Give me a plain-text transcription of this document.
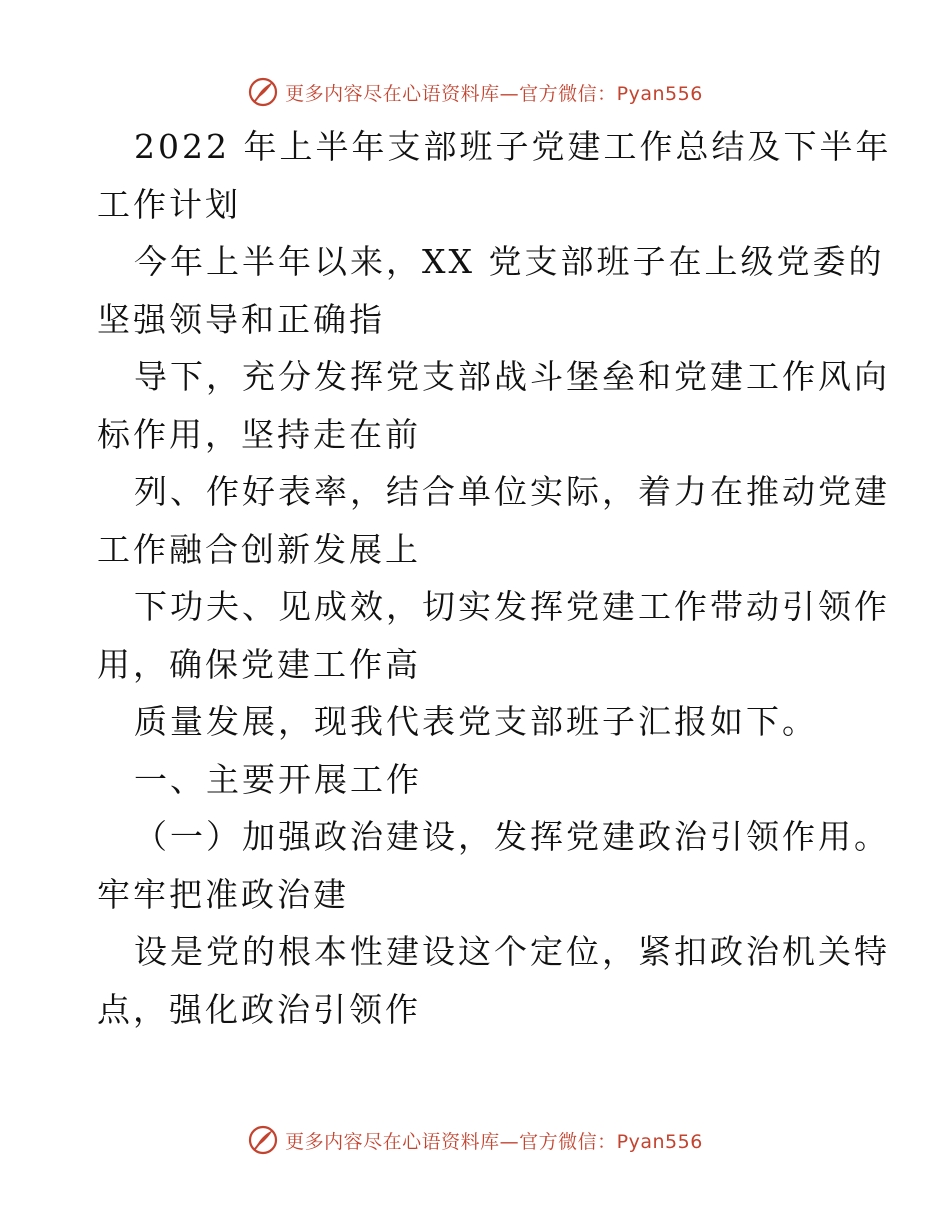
更多内容尽在心语资料库—官方微信：Pyan556
2022 年上半年支部班子党建工作总结及下半年
工作计划
今年上半年以来，XX 党支部班子在上级党委的
坚强领导和正确指
导下，充分发挥党支部战斗堡垒和党建工作风向
标作用，坚持走在前
列、作好表率，结合单位实际，着力在推动党建
工作融合创新发展上
下功夫、见成效，切实发挥党建工作带动引领作
用，确保党建工作高
质量发展，现我代表党支部班子汇报如下。
一、主要开展工作
（一）加强政治建设，发挥党建政治引领作用。
牢牢把准政治建
设是党的根本性建设这个定位，紧扣政治机关特
点，强化政治引领作
更多内容尽在心语资料库—官方微信：Pyan556
